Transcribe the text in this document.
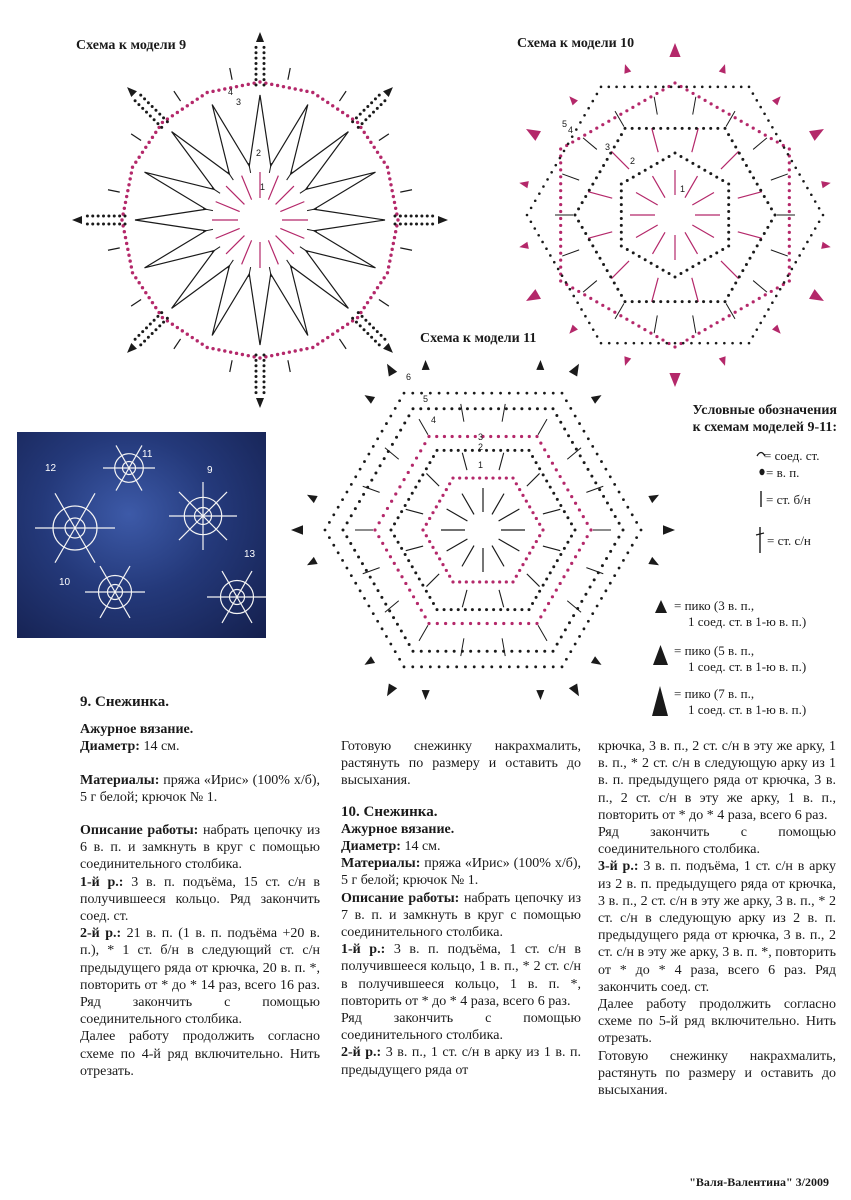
Схема к модели 9	Схема к модели 10
Схема к модели 11
1
2
3
4
1
2
3
4
5
1
2
3
4
5
6
Условные обозначения
к схемам моделей 9-11:
= соед. ст.
= в. п.
= ст. б/н
= ст. с/н
= пико (3 в. п.,
1 соед. ст. в 1-ю в. п.)
= пико (5 в. п.,
1 соед. ст. в 1-ю в. п.)
= пико (7 в. п.,
1 соед. ст. в 1-ю в. п.)
12
11
9
10
13

9. Снежинка.

Ажурное вязание.

Диаметр: 14 см.

Материалы: пряжа «Ирис» (100% х/б), 5 г белой; крючок № 1.

Описание работы: набрать цепочку из 6 в. п. и замкнуть в круг с помощью соединительного столбика.

1-й р.: 3 в. п. подъёма, 15 ст. с/н в получившееся кольцо. Ряд закончить соед. ст.

2-й р.: 21 в. п. (1 в. п. подъёма +20 в. п.), * 1 ст. б/н в следующий ст. с/н предыдущего ряда от крючка, 20 в. п. *, повторить от * до * 14 раз, всего 16 раз. Ряд закончить с помощью соединительного столбика.

Далее работу продолжить согласно схеме по 4-й ряд включительно. Нить отрезать.

Готовую снежинку накрахмалить, растянуть по размеру и оставить до высыхания.

10. Снежинка.

Ажурное вязание.

Диаметр: 14 см.

Материалы: пряжа «Ирис» (100% х/б), 5 г белой; крючок № 1.

Описание работы: набрать цепочку из 7 в. п. и замкнуть в круг с помощью соединительного столбика.

1-й р.: 3 в. п. подъёма, 1 ст. с/н в получившееся кольцо, 1 в. п., * 2 ст. с/н в получившееся кольцо, 1 в. п. *, повторить от * до * 4 раза, всего 6 раз.

Ряд закончить с помощью соединительного столбика.

2-й р.: 3 в. п., 1 ст. с/н в арку из 1 в. п. предыдущего ряда от

крючка, 3 в. п., 2 ст. с/н в эту же арку, 1 в. п., * 2 ст. с/н в следующую арку из 1 в. п. предыдущего ряда от крючка, 3 в. п., 2 ст. с/н в эту же арку, 1 в. п., повторить от * до * 4 раза, всего 6 раз.

Ряд закончить с помощью соединительного столбика.

3-й р.: 3 в. п. подъёма, 1 ст. с/н в арку из 2 в. п. предыдущего ряда от крючка, 3 в. п., 2 ст. с/н в эту же арку, 3 в. п., * 2 ст. с/н в следующую арку из 2 в. п. предыдущего ряда от крючка, 3 в. п., 2 ст. с/н в эту же арку, 3 в. п. *, повторить от * до * 4 раза, всего 6 раз. Ряд закончить соед. ст.

Далее работу продолжить согласно схеме по 5-й ряд включительно. Нить отрезать.

Готовую снежинку накрахмалить, растянуть по размеру и оставить до высыхания.

"Валя-Валентина" 3/2009
